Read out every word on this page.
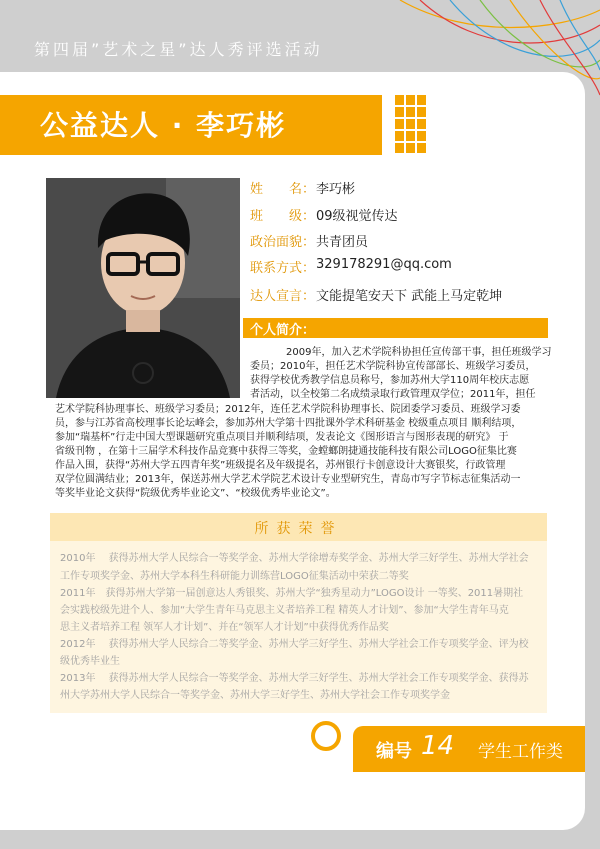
第四届”艺术之星”达人秀评选活动
公益达人 · 李巧彬
姓　　名： 李巧彬
班　　级： 09级视觉传达
政治面貌： 共青团员
联系方式： 329178291@qq.com
达人宣言： 文能提笔安天下 武能上马定乾坤
个人简介：
2009年，加入艺术学院科协担任宣传部干事，担任班级学习
委员；2010年，担任艺术学院科协宣传部部长、班级学习委员，
获得学校优秀教学信息员称号，参加苏州大学110周年校庆志愿
者活动，以全校第二名成绩录取行政管理双学位；2011年，担任
艺术学院科协理事长、班级学习委员；2012年，连任艺术学院科协理事长、院团委学习委员、班级学习委
员，参与江苏省高校理事长论坛峰会，参加苏州大学第十四批课外学术科研基金 校级重点项目 顺利结项，
参加“瑞基杯”行走中国大型课题研究重点项目并顺利结项，发表论文《图形语言与图形表现的研究》 于
省级刊物 ，在第十三届学术科技作品竞赛中获得三等奖，金螳螂朗捷通技能科技有限公司LOGO征集比赛
作品入围，获得“苏州大学五四青年奖”班级提名及年级提名，苏州银行卡创意设计大赛银奖，行政管理
双学位圆满结业；2013年，保送苏州大学艺术学院艺术设计专业型研究生，青岛市写字节标志征集活动一
等奖毕业论文获得“院级优秀毕业论文”、“校级优秀毕业论文”。
所获荣誉
2010年　 获得苏州大学人民综合一等奖学金、苏州大学徐增寿奖学金、苏州大学三好学生、苏州大学社会
工作专项奖学金、苏州大学本科生科研能力训练营LOGO征集活动中荣获二等奖
2011年　获得苏州大学第一届创意达人秀银奖、苏州大学“独秀星动力”LOGO设计 一等奖、2011暑期社
会实践校级先进个人、参加“大学生青年马克思主义者培养工程 精英人才计划”、参加“大学生青年马克
思主义者培养工程 领军人才计划”、并在“领军人才计划”中获得优秀作品奖
2012年　 获得苏州大学人民综合二等奖学金、苏州大学三好学生、苏州大学社会工作专项奖学金、评为校
级优秀毕业生
2013年　 获得苏州大学人民综合一等奖学金、苏州大学三好学生、苏州大学社会工作专项奖学金、获得苏
州大学苏州大学人民综合一等奖学金、苏州大学三好学生、苏州大学社会工作专项奖学金
编号 14 学生工作类
